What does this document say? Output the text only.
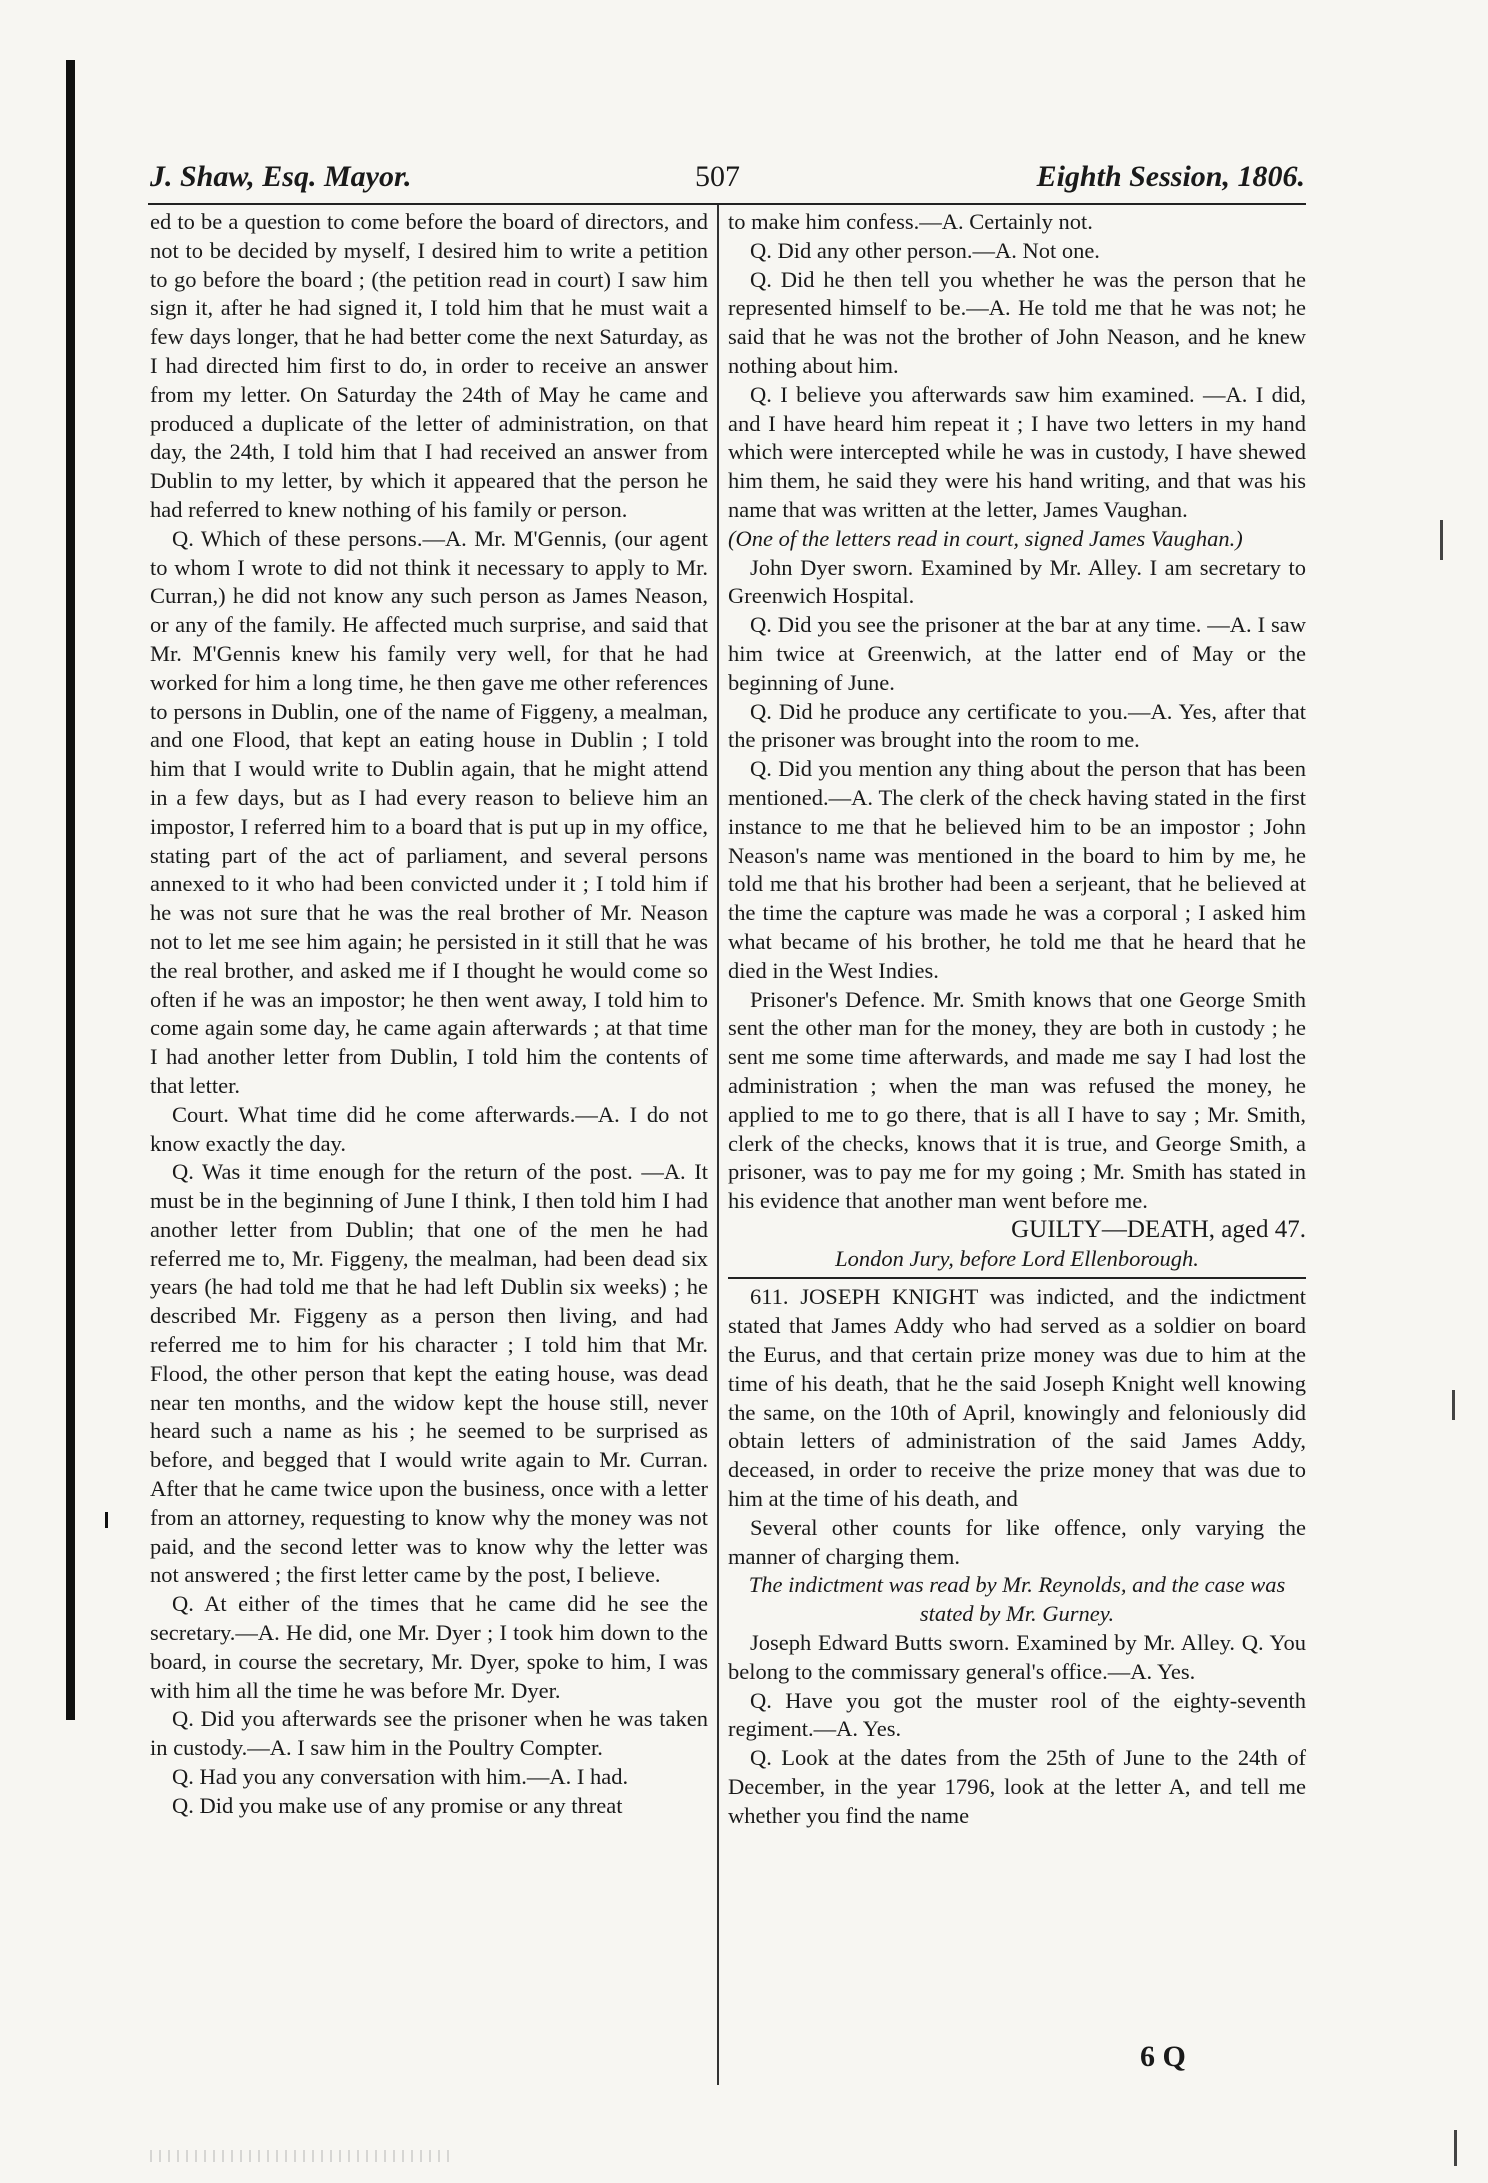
J. Shaw, Esq. Mayor.	507	Eighth Session, 1806.

ed to be a question to come before the board of directors, and not to be decided by myself, I desired him to write a petition to go before the board ; (the petition read in court) I saw him sign it, after he had signed it, I told him that he must wait a few days longer, that he had better come the next Saturday, as I had directed him first to do, in order to receive an answer from my letter. On Saturday the 24th of May he came and produced a duplicate of the letter of administration, on that day, the 24th, I told him that I had received an answer from Dublin to my letter, by which it appeared that the person he had referred to knew nothing of his family or person.

Q. Which of these persons.—A. Mr. M'Gennis, (our agent to whom I wrote to did not think it necessary to apply to Mr. Curran,) he did not know any such person as James Neason, or any of the family. He affected much surprise, and said that Mr. M'Gennis knew his family very well, for that he had worked for him a long time, he then gave me other references to persons in Dublin, one of the name of Figgeny, a mealman, and one Flood, that kept an eating house in Dublin ; I told him that I would write to Dublin again, that he might attend in a few days, but as I had every reason to believe him an impostor, I referred him to a board that is put up in my office, stating part of the act of parliament, and several persons annexed to it who had been convicted under it ; I told him if he was not sure that he was the real brother of Mr. Neason not to let me see him again; he persisted in it still that he was the real brother, and asked me if I thought he would come so often if he was an impostor; he then went away, I told him to come again some day, he came again afterwards ; at that time I had another letter from Dublin, I told him the contents of that letter.

Court. What time did he come afterwards.—A. I do not know exactly the day.

Q. Was it time enough for the return of the post. —A. It must be in the beginning of June I think, I then told him I had another letter from Dublin; that one of the men he had referred me to, Mr. Figgeny, the mealman, had been dead six years (he had told me that he had left Dublin six weeks) ; he described Mr. Figgeny as a person then living, and had referred me to him for his character ; I told him that Mr. Flood, the other person that kept the eating house, was dead near ten months, and the widow kept the house still, never heard such a name as his ; he seemed to be surprised as before, and begged that I would write again to Mr. Curran. After that he came twice upon the business, once with a letter from an attorney, requesting to know why the money was not paid, and the second letter was to know why the letter was not answered ; the first letter came by the post, I believe.

Q. At either of the times that he came did he see the secretary.—A. He did, one Mr. Dyer ; I took him down to the board, in course the secretary, Mr. Dyer, spoke to him, I was with him all the time he was before Mr. Dyer.

Q. Did you afterwards see the prisoner when he was taken in custody.—A. I saw him in the Poultry Compter.

Q. Had you any conversation with him.—A. I had.

Q. Did you make use of any promise or any threat

to make him confess.—A. Certainly not.

Q. Did any other person.—A. Not one.

Q. Did he then tell you whether he was the person that he represented himself to be.—A. He told me that he was not; he said that he was not the brother of John Neason, and he knew nothing about him.

Q. I believe you afterwards saw him examined. —A. I did, and I have heard him repeat it ; I have two letters in my hand which were intercepted while he was in custody, I have shewed him them, he said they were his hand writing, and that was his name that was written at the letter, James Vaughan.

(One of the letters read in court, signed James Vaughan.)

John Dyer sworn. Examined by Mr. Alley. I am secretary to Greenwich Hospital.

Q. Did you see the prisoner at the bar at any time. —A. I saw him twice at Greenwich, at the latter end of May or the beginning of June.

Q. Did he produce any certificate to you.—A. Yes, after that the prisoner was brought into the room to me.

Q. Did you mention any thing about the person that has been mentioned.—A. The clerk of the check having stated in the first instance to me that he believed him to be an impostor ; John Neason's name was mentioned in the board to him by me, he told me that his brother had been a serjeant, that he believed at the time the capture was made he was a corporal ; I asked him what became of his brother, he told me that he heard that he died in the West Indies.

Prisoner's Defence. Mr. Smith knows that one George Smith sent the other man for the money, they are both in custody ; he sent me some time afterwards, and made me say I had lost the administration ; when the man was refused the money, he applied to me to go there, that is all I have to say ; Mr. Smith, clerk of the checks, knows that it is true, and George Smith, a prisoner, was to pay me for my going ; Mr. Smith has stated in his evidence that another man went before me.

GUILTY—DEATH, aged 47.

London Jury, before Lord Ellenborough.

611. JOSEPH KNIGHT was indicted, and the indictment stated that James Addy who had served as a soldier on board the Eurus, and that certain prize money was due to him at the time of his death, that he the said Joseph Knight well knowing the same, on the 10th of April, knowingly and feloniously did obtain letters of administration of the said James Addy, deceased, in order to receive the prize money that was due to him at the time of his death, and

Several other counts for like offence, only varying the manner of charging them.

The indictment was read by Mr. Reynolds, and the case was stated by Mr. Gurney.

Joseph Edward Butts sworn. Examined by Mr. Alley. Q. You belong to the commissary general's office.—A. Yes.

Q. Have you got the muster rool of the eighty-seventh regiment.—A. Yes.

Q. Look at the dates from the 25th of June to the 24th of December, in the year 1796, look at the letter A, and tell me whether you find the name

6 Q
